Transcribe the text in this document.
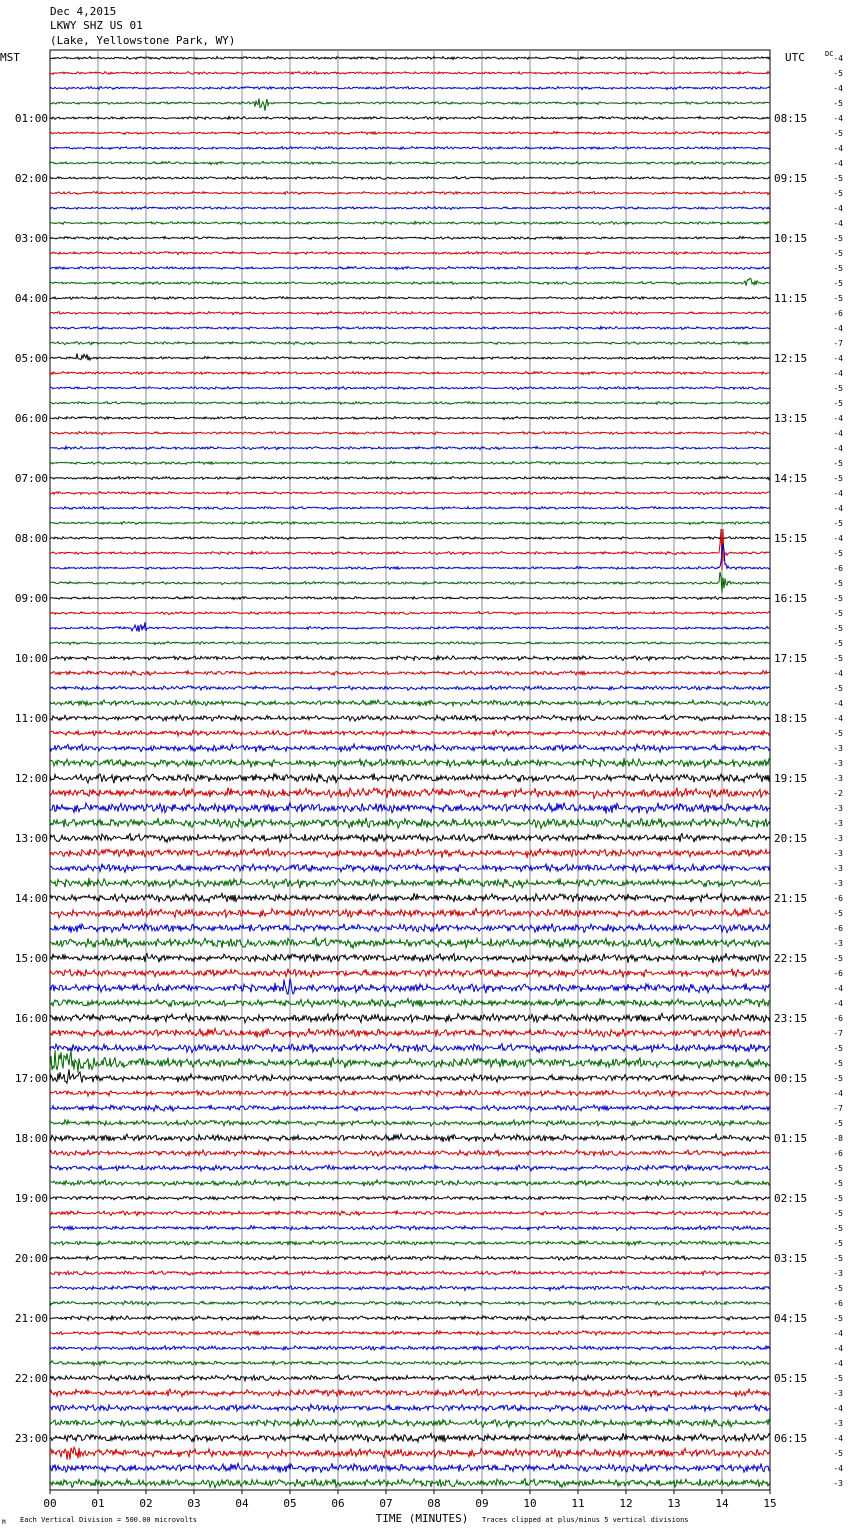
Dec 4,2015
LKWY SHZ US 01
(Lake, Yellowstone Park, WY)
-4
-5
-4
-5
-4
-5
-4
-4
-5
-5
-4
-4
-5
-5
-5
-5
-5
-6
-4
-7
-4
-4
-5
-5
-4
-4
-4
-5
-5
-4
-4
-5
-4
-5
-6
-5
-5
-5
-5
-5
-5
-4
-5
-4
-4
-5
-3
-3
-3
-2
-3
-3
-3
-3
-3
-3
-6
-5
-6
-3
-5
-6
-4
-4
-6
-7
-5
-5
-5
-4
-7
-5
-8
-6
-5
-5
-5
-5
-5
-5
-5
-3
-5
-6
-5
-4
-4
-4
-5
-3
-4
-3
-4
-5
-4
-3
01:00
02:00
03:00
04:00
05:00
06:00
07:00
08:00
09:00
10:00
11:00
12:00
13:00
14:00
15:00
16:00
17:00
18:00
19:00
20:00
21:00
22:00
23:00
08:15
09:15
10:15
11:15
12:15
13:15
14:15
15:15
16:15
17:15
18:15
19:15
20:15
21:15
22:15
23:15
00:15
01:15
02:15
03:15
04:15
05:15
06:15
MST	UTC	DC
00	01	02	03	04	05	06	07	08	09	10	11	12	13	14	15
TIME (MINUTES)
Each Vertical Division = 500.00 microvolts	Traces clipped at plus/minus 5 vertical divisions
M
